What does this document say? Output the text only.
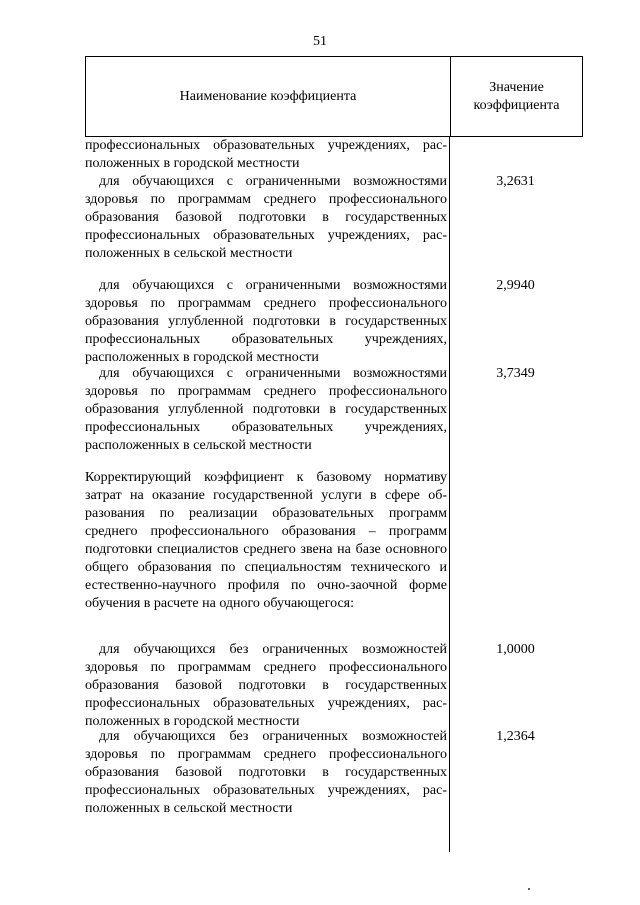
51
Наименование коэффициента
Значение
коэффициента
профессиональных образовательных учреждениях, расположенных в городской местности
для обучающихся с ограниченными возможностями здоровья по программам среднего профессионального образования базовой подготовки в государственных профессиональных образовательных учреждениях, расположенных в сельской местности
3,2631
для обучающихся с ограниченными возможностями здоровья по программам среднего профессионального образования углубленной подготовки в государственных профессиональных образовательных учреждениях, расположенных в городской местности
2,9940
для обучающихся с ограниченными возможностями здоровья по программам среднего профессионального образования углубленной подготовки в государственных профессиональных образовательных учреждениях, расположенных в сельской местности
3,7349
Корректирующий коэффициент к базовому нормативу затрат на оказание государственной услуги в сфере образования по реализации образовательных программ среднего профессионального образования – программ подготовки специалистов среднего звена на базе основного общего образования по специальностям технического и естественно-научного профиля по очно-заочной форме обучения в расчете на одного обучающегося:
для обучающихся без ограниченных возможностей здоровья по программам среднего профессионального образования базовой подготовки в государственных профессиональных образовательных учреждениях, расположенных в городской местности
1,0000
для обучающихся без ограниченных возможностей здоровья по программам среднего профессионального образования базовой подготовки в государственных профессиональных образовательных учреждениях, расположенных в сельской местности
1,2364
